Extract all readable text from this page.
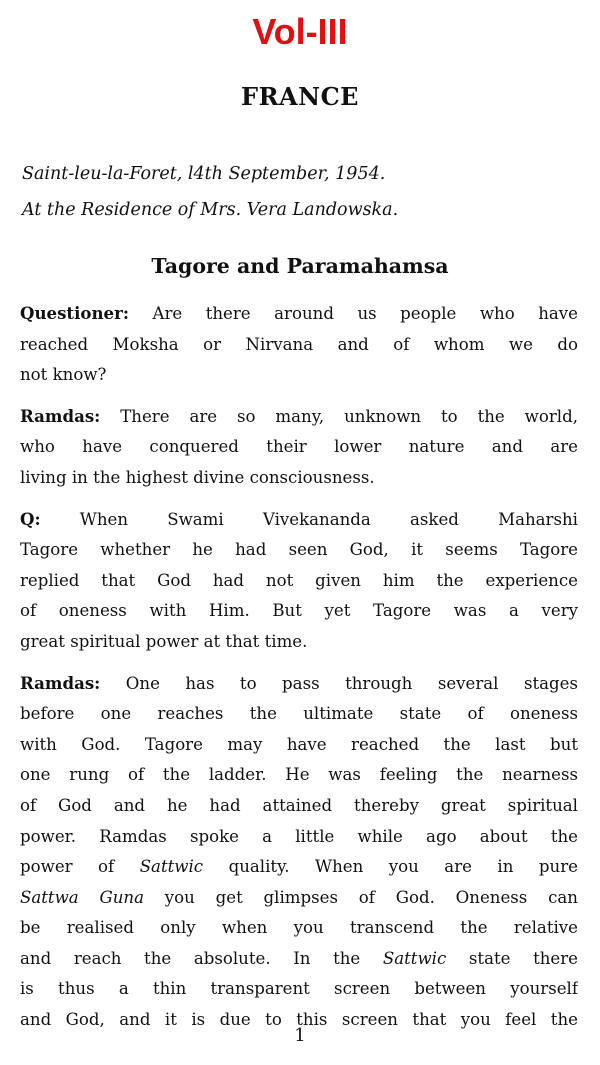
Vol-III
FRANCE
Saint-leu-la-Foret, l4th September, 1954.
At the Residence of Mrs. Vera Landowska.
Tagore and Paramahamsa
Questioner: Are there around us people who have
reached Moksha or Nirvana and of whom we do
not know?
Ramdas: There are so many, unknown to the world,
who have conquered their lower nature and are
living in the highest divine consciousness.
Q: When Swami Vivekananda asked Maharshi
Tagore whether he had seen God, it seems Tagore
replied that God had not given him the experience
of oneness with Him. But yet Tagore was a very
great spiritual power at that time.
Ramdas: One has to pass through several stages
before one reaches the ultimate state of oneness
with God. Tagore may have reached the last but
one rung of the ladder. He was feeling the nearness
of God and he had attained thereby great spiritual
power. Ramdas spoke a little while ago about the
power of Sattwic quality. When you are in pure
Sattwa Guna you get glimpses of God. Oneness can
be realised only when you transcend the relative
and reach the absolute. In the Sattwic state there
is thus a thin transparent screen between yourself
and God, and it is due to this screen that you feel the
1
